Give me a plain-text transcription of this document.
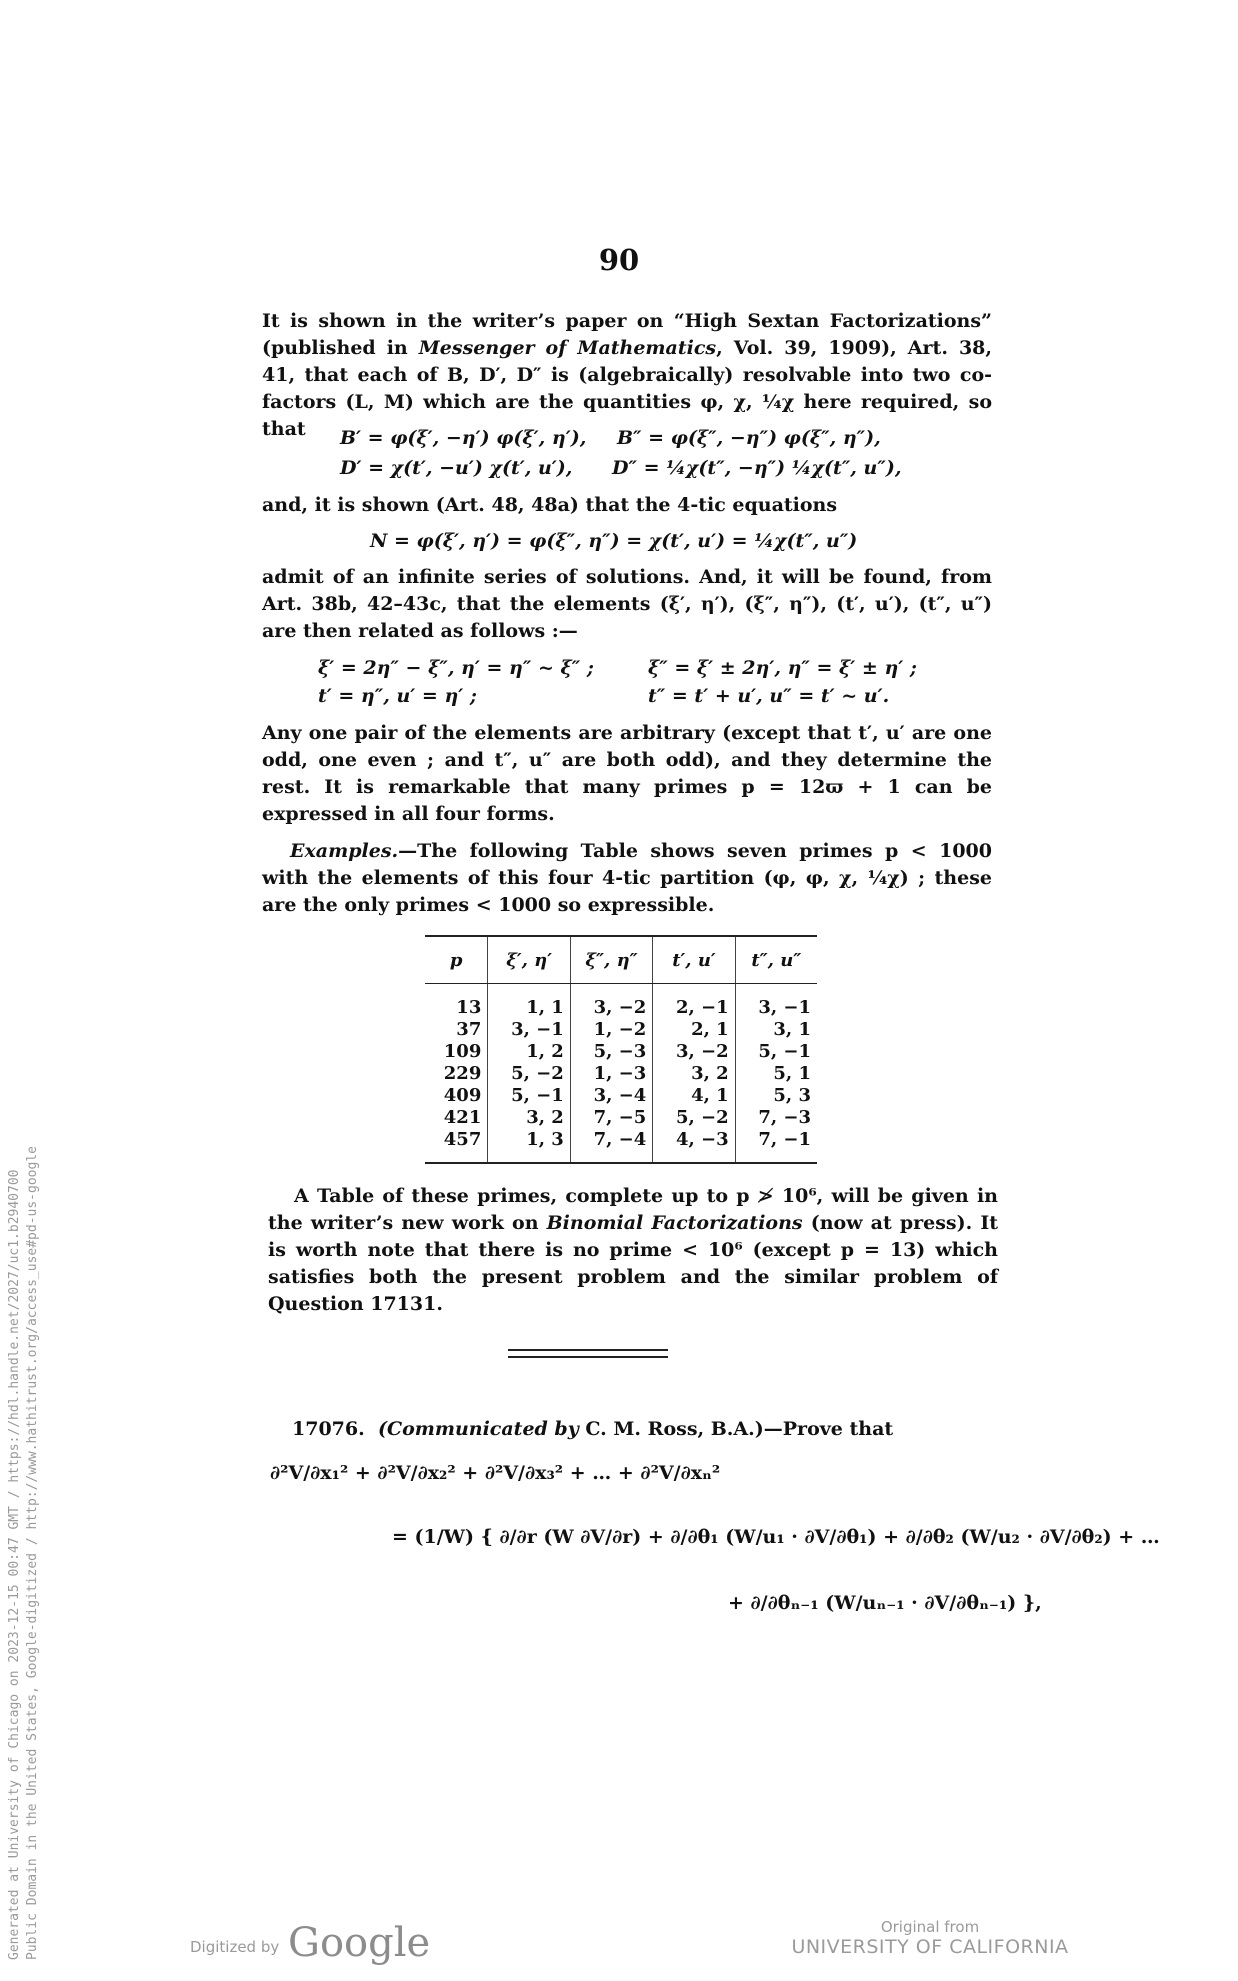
Generated at University of Chicago on 2023-12-15 00:47 GMT / https://hdl.handle.net/2027/uc1.b2940700 Public Domain in the United States, Google-digitized / http://www.hathitrust.org/access_use#pd-us-google
90
It is shown in the writer’s paper on “High Sextan Factorizations” (published in Messenger of Mathematics, Vol. 39, 1909), Art. 38, 41, that each of B, D′, D″ is (algebraically) resolvable into two co-factors (L, M) which are the quantities φ, χ, ¼χ here required, so that	B′ = φ(ξ′, −η′) φ(ξ′, η′), B″ = φ(ξ″, −η″) φ(ξ″, η″),
D′ = χ(t′, −u′) χ(t′, u′), D″ = ¼χ(t″, −η″) ¼χ(t″, u″),
and, it is shown (Art. 48, 48a) that the 4-tic equations
N = φ(ξ′, η′) = φ(ξ″, η″) = χ(t′, u′) = ¼χ(t″, u″)
admit of an infinite series of solutions. And, it will be found, from Art. 38b, 42–43c, that the elements (ξ′, η′), (ξ″, η″), (t′, u′), (t″, u″) are then related as follows :—
ξ′ = 2η″ − ξ″, η′ = η″ ~ ξ″ ;	ξ″ = ξ′ ± 2η′, η″ = ξ′ ± η′ ;
t′ = η″, u′ = η′ ;	t″ = t′ + u′, u″ = t′ ~ u′.
Any one pair of the elements are arbitrary (except that t′, u′ are one odd, one even ; and t″, u″ are both odd), and they determine the rest. It is remarkable that many primes p = 12ϖ + 1 can be expressed in all four forms.
Examples.—The following Table shows seven primes p < 1000 with the elements of this four 4-tic partition (φ, φ, χ, ¼χ) ; these are the only primes < 1000 so expressible.
p	ξ′, η′	ξ″, η″	t′, u′	t″, u″

13	1, 1	3, −2	2, −1	3, −1
37	3, −1	1, −2	2, 1	3, 1
109	1, 2	5, −3	3, −2	5, −1
229	5, −2	1, −3	3, 2	5, 1
409	5, −1	3, −4	4, 1	5, 3
421	3, 2	7, −5	5, −2	7, −3
457	1, 3	7, −4	4, −3	7, −1

A Table of these primes, complete up to p ≯ 10⁶, will be given in the writer’s new work on Binomial Factorizations (now at press). It is worth note that there is no prime < 10⁶ (except p = 13) which satisfies both the present problem and the similar problem of Question 17131.
17076. (Communicated by C. M. Ross, B.A.)—Prove that
∂²V/∂x₁² + ∂²V/∂x₂² + ∂²V/∂x₃² + … + ∂²V/∂xₙ²
= (1/W) { ∂/∂r (W ∂V/∂r) + ∂/∂θ₁ (W/u₁ · ∂V/∂θ₁) + ∂/∂θ₂ (W/u₂ · ∂V/∂θ₂) + …
+ ∂/∂θₙ₋₁ (W/uₙ₋₁ · ∂V/∂θₙ₋₁) },
Digitized by Google	Original from
UNIVERSITY OF CALIFORNIA
